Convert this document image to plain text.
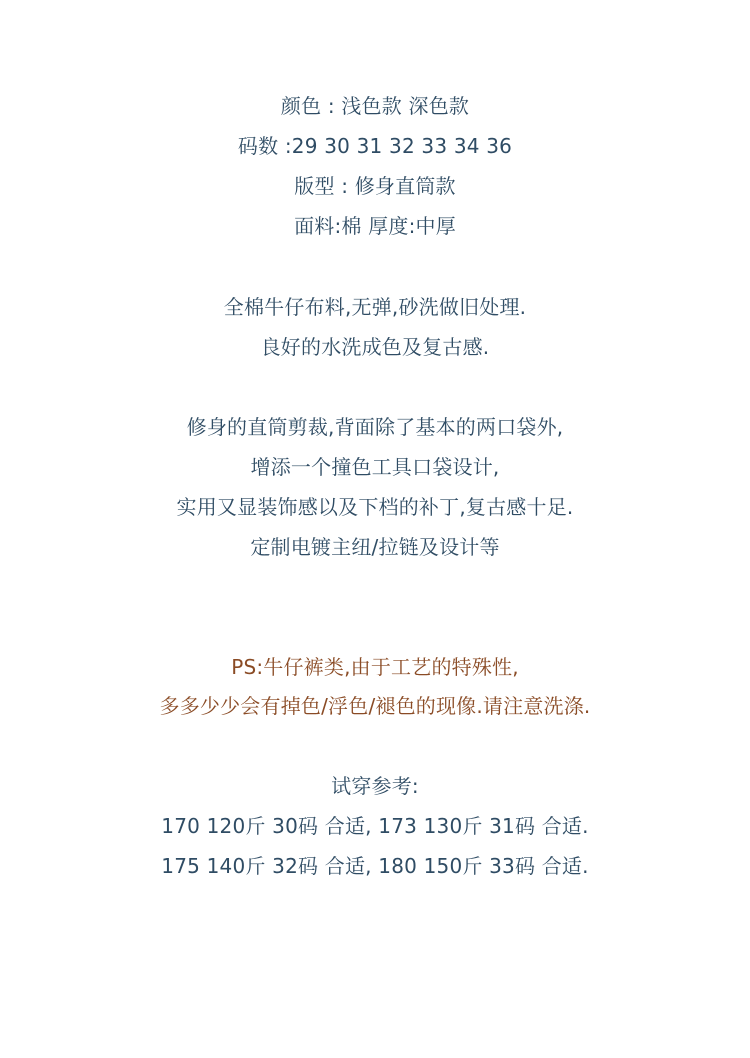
颜色 : 浅色款 深色款
码数 :29 30 31 32 33 34 36
版型 : 修身直筒款
面料:棉 厚度:中厚
全棉牛仔布料,无弹,砂洗做旧处理.
良好的水洗成色及复古感.
修身的直筒剪裁,背面除了基本的两口袋外,
增添一个撞色工具口袋设计,
实用又显装饰感以及下档的补丁,复古感十足.
定制电镀主纽/拉链及设计等
PS:牛仔裤类,由于工艺的特殊性,
多多少少会有掉色/浮色/褪色的现像.请注意洗涤.
试穿参考:
170 120斤 30码 合适, 173 130斤 31码 合适.
175 140斤 32码 合适, 180 150斤 33码 合适.
